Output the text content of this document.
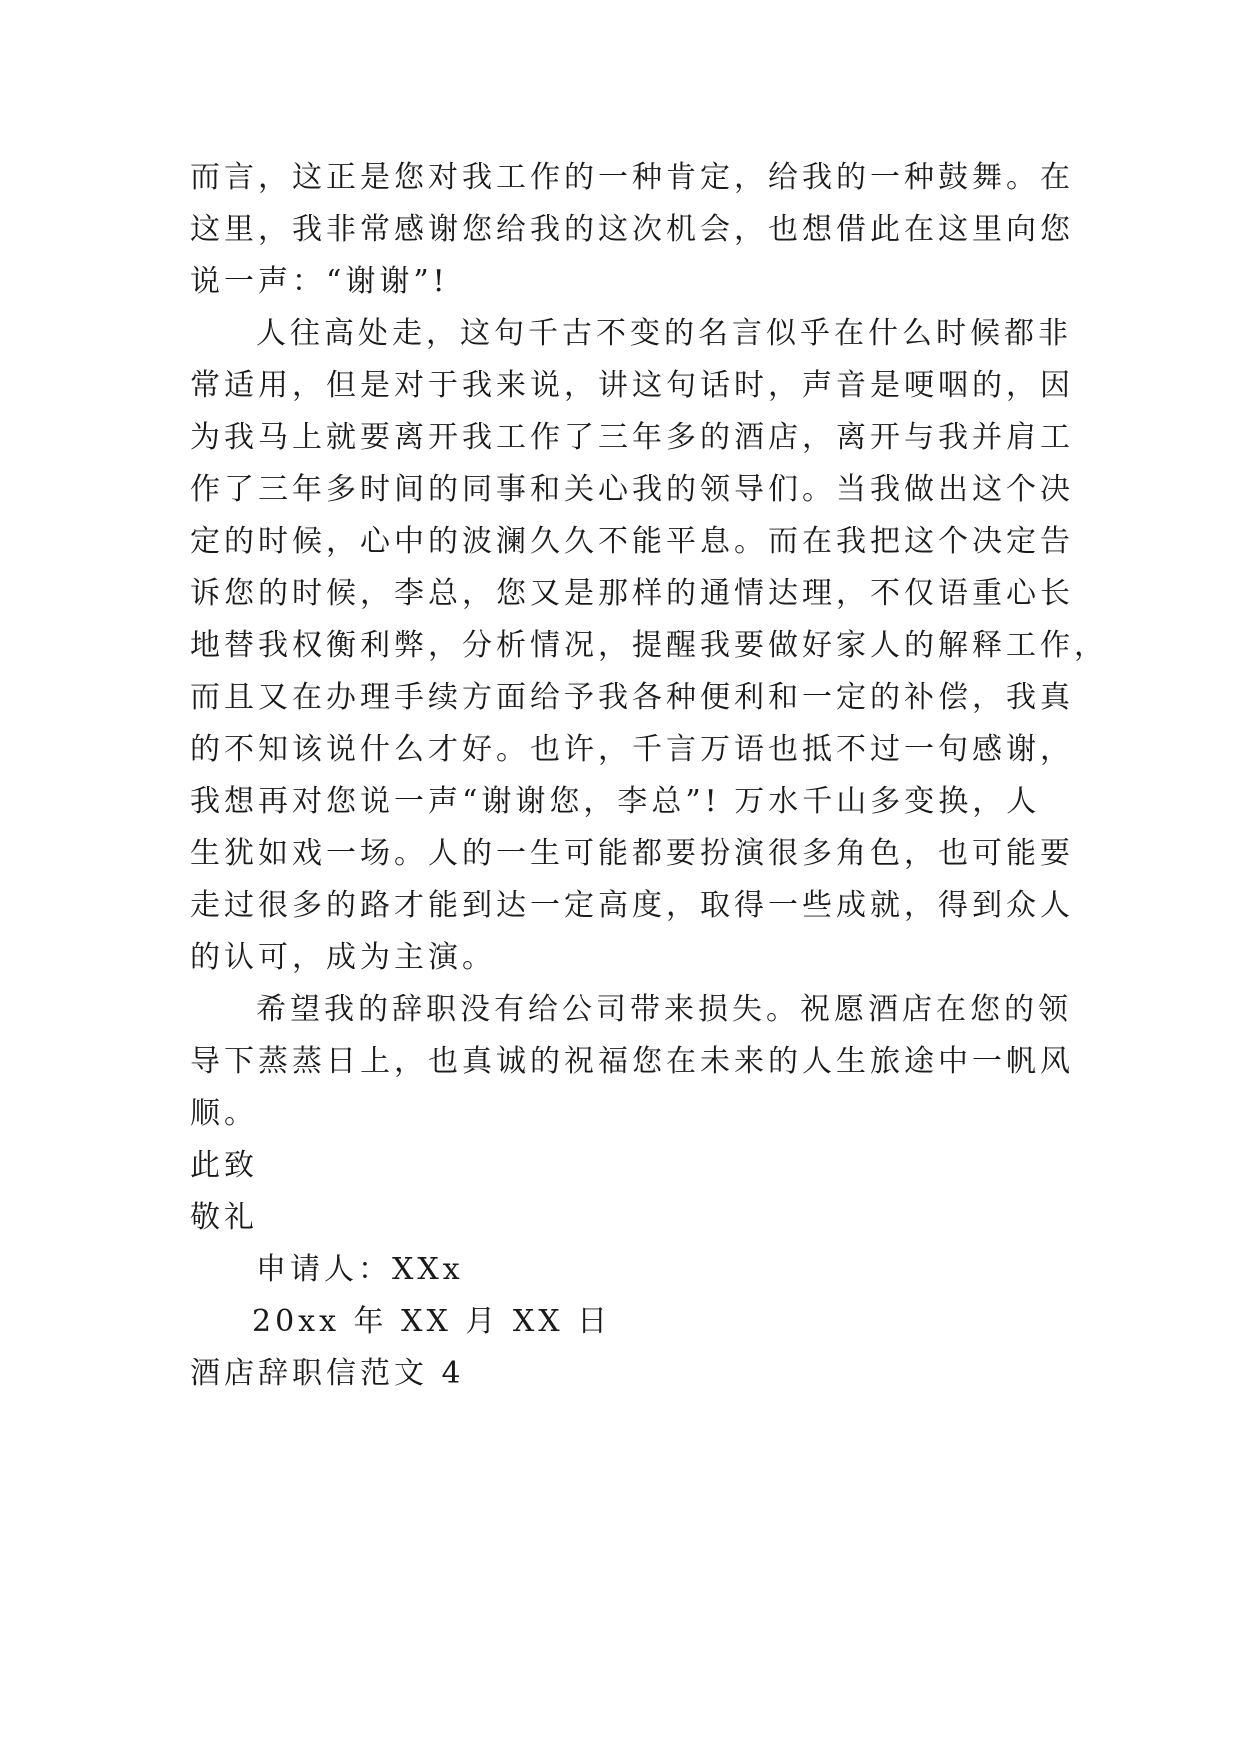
而言，这正是您对我工作的一种肯定，给我的一种鼓舞。在
这里，我非常感谢您给我的这次机会，也想借此在这里向您
说一声：“谢谢”!
人往高处走，这句千古不变的名言似乎在什么时候都非
常适用，但是对于我来说，讲这句话时，声音是哽咽的，因
为我马上就要离开我工作了三年多的酒店，离开与我并肩工
作了三年多时间的同事和关心我的领导们。当我做出这个决
定的时候，心中的波澜久久不能平息。而在我把这个决定告
诉您的时候，李总，您又是那样的通情达理，不仅语重心长
地替我权衡利弊，分析情况，提醒我要做好家人的解释工作，
而且又在办理手续方面给予我各种便利和一定的补偿，我真
的不知该说什么才好。也许，千言万语也抵不过一句感谢，
我想再对您说一声“谢谢您，李总”! 万水千山多变换，人
生犹如戏一场。人的一生可能都要扮演很多角色，也可能要
走过很多的路才能到达一定高度，取得一些成就，得到众人
的认可，成为主演。
希望我的辞职没有给公司带来损失。祝愿酒店在您的领
导下蒸蒸日上，也真诚的祝福您在未来的人生旅途中一帆风
顺。
此致
敬礼
申请人：XXx
20xx 年 XX 月 XX 日
酒店辞职信范文 4
